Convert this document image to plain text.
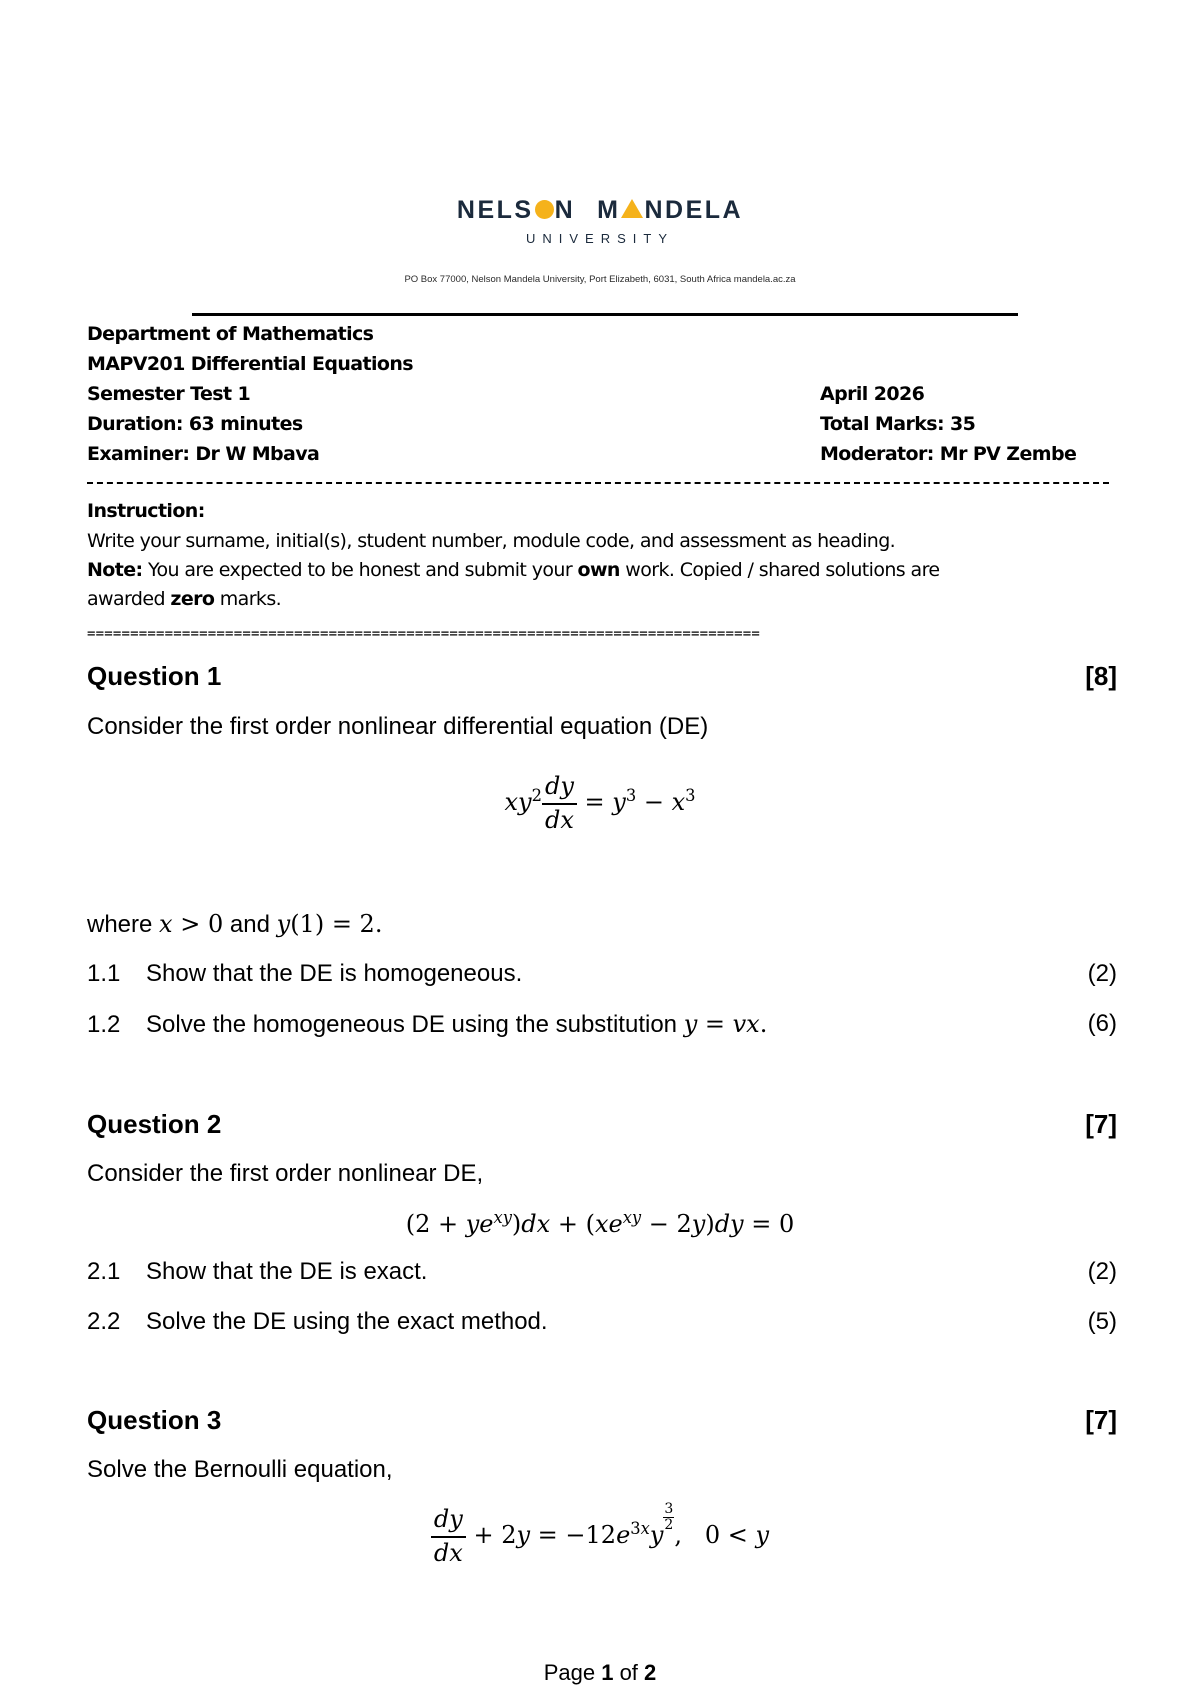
NELS N M NDELA
UNIVERSITY
PO Box 77000, Nelson Mandela University, Port Elizabeth, 6031, South Africa mandela.ac.za
Department of Mathematics
MAPV201 Differential Equations
Semester Test 1
Duration: 63 minutes
Examiner: Dr W Mbava
April 2026
Total Marks: 35
Moderator: Mr PV Zembe
Instruction:
Write your surname, initial(s), student number, module code, and assessment as heading.
Note: You are expected to be honest and submit your own work. Copied / shared solutions are
awarded zero marks.
==============================================================================
Question 1	[8]
Consider the first order nonlinear differential equation (DE)
$xy^2 \frac{dy}{dx} = y^3 - x^3$
where x > 0 and y(1) = 2.
1.1 Show that the DE is homogeneous.	(2)
1.2 Solve the homogeneous DE using the substitution y = vx.	(6)
Question 2	[7]
Consider the first order nonlinear DE,
$(2 + ye^{xy})dx + (xe^{xy} - 2y)dy = 0$
2.1 Show that the DE is exact.	(2)
2.2 Solve the DE using the exact method.	(5)
Question 3	[7]
Solve the Bernoulli equation,
$\frac{dy}{dx} + 2y = -12e^{3x}y$
$\frac{3}{2}$
,   0 < y
Page 1 of 2
